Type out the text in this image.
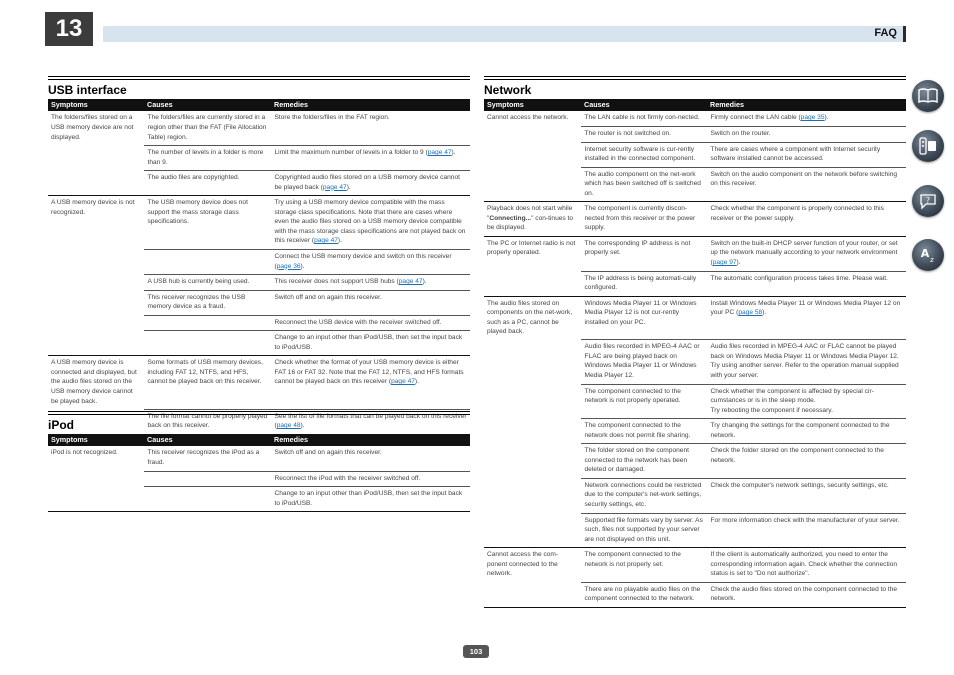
13	FAQ
USB interface
Symptoms	Causes	Remedies
The folders/files stored on a USB memory device are not displayed.	The folders/files are currently stored in a region other than the FAT (File Allocation Table) region.	Store the folders/files in the FAT region.
	The number of levels in a folder is more than 9.	Limit the maximum number of levels in a folder to 9 (page 47).
	The audio files are copyrighted.	Copyrighted audio files stored on a USB memory device cannot be played back (page 47).
A USB memory device is not recognized.	The USB memory device does not support the mass storage class specifications.	Try using a USB memory device compatible with the mass storage class specifications. Note that there are cases where even the audio files stored on a USB memory device compatible with the mass storage class specifications are not played back on this receiver (page 47).
		Connect the USB memory device and switch on this receiver (page 36).
	A USB hub is currently being used.	This receiver does not support USB hubs (page 47).
	This receiver recognizes the USB memory device as a fraud.	Switch off and on again this receiver.
		Reconnect the USB device with the receiver switched off.
		Change to an input other than iPod/USB, then set the input back to iPod/USB.
A USB memory device is connected and displayed, but the audio files stored on the USB memory device cannot be played back.	Some formats of USB memory devices, including FAT 12, NTFS, and HFS, cannot be played back on this receiver.	Check whether the format of your USB memory device is either FAT 16 or FAT 32. Note that the FAT 12, NTFS, and HFS formats cannot be played back on this receiver (page 47).
	The file format cannot be properly played back on this receiver.	See the list of file formats that can be played back on this receiver (page 48).
iPod
Symptoms	Causes	Remedies
iPod is not recognized.	This receiver recognizes the iPod as a fraud.	Switch off and on again this receiver.
		Reconnect the iPod with the receiver switched off.
		Change to an input other than iPod/USB, then set the input back to iPod/USB.
Network
Symptoms	Causes	Remedies
Cannot access the network.	The LAN cable is not firmly con-nected.	Firmly connect the LAN cable (page 35).
	The router is not switched on.	Switch on the router.
	Internet security software is cur-rently installed in the connected component.	There are cases where a component with Internet security software installed cannot be accessed.
	The audio component on the net-work which has been switched off is switched on.	Switch on the audio component on the network before switching on this receiver.
Playback does not start while "Connecting..." con-tinues to be displayed.	The component is currently discon-nected from this receiver or the power supply.	Check whether the component is properly connected to this receiver or the power supply.
The PC or Internet radio is not properly operated.	The corresponding IP address is not properly set.	Switch on the built-in DHCP server function of your router, or set up the network manually according to your network environment (page 97).
	The IP address is being automati-cally configured.	The automatic configuration process takes time. Please wait.
The audio files stored on components on the net-work, such as a PC, cannot be played back.	Windows Media Player 11 or Windows Media Player 12 is not cur-rently installed on your PC.	Install Windows Media Player 11 or Windows Media Player 12 on your PC (page 58).
	Audio files recorded in MPEG-4 AAC or FLAC are being played back on Windows Media Player 11 or Windows Media Player 12.	Audio files recorded in MPEG-4 AAC or FLAC cannot be played back on Windows Media Player 11 or Windows Media Player 12. Try using another server. Refer to the operation manual supplied with your server.
	The component connected to the network is not properly operated.	Check whether the component is affected by special cir-cumstances or is in the sleep mode.
Try rebooting the component if necessary.
	The component connected to the network does not permit file sharing.	Try changing the settings for the component connected to the network.
	The folder stored on the component connected to the network has been deleted or damaged.	Check the folder stored on the component connected to the network.
	Network connections could be restricted due to the computer's net-work settings, security settings, etc.	Check the computer's network settings, security settings, etc.
	Supported file formats vary by server. As such, files not supported by your server are not displayed on this unit.	For more information check with the manufacturer of your server.
Cannot access the com-ponent connected to the network.	The component connected to the network is not properly set.	If the client is automatically authorized, you need to enter the corresponding information again. Check whether the connection status is set to "Do not authorize".
	There are no playable audio files on the component connected to the network.	Check the audio files stored on the component connected to the network.
?
A z
103
